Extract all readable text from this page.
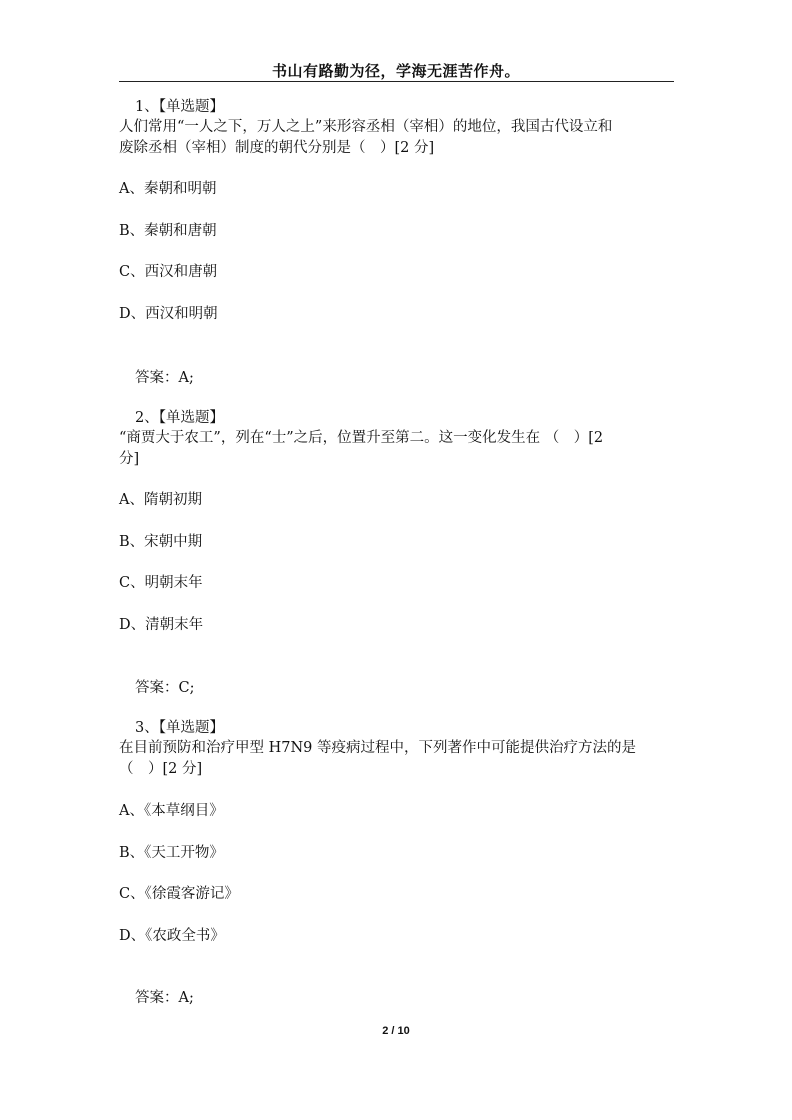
书山有路勤为径，学海无涯苦作舟。
1、【单选题】
人们常用“一人之下，万人之上”来形容丞相（宰相）的地位，我国古代设立和
废除丞相（宰相）制度的朝代分别是（　）[2 分]
A、秦朝和明朝
B、秦朝和唐朝
C、西汉和唐朝
D、西汉和明朝
答案：A;
2、【单选题】
“商贾大于农工”，列在“士”之后，位置升至第二。这一变化发生在 （　）[2
分]
A、隋朝初期
B、宋朝中期
C、明朝末年
D、清朝末年
答案：C;
3、【单选题】
在目前预防和治疗甲型 H7N9 等疫病过程中，下列著作中可能提供治疗方法的是
（　）[2 分]
A、《本草纲目》
B、《天工开物》
C、《徐霞客游记》
D、《农政全书》
答案：A;
2 / 10
